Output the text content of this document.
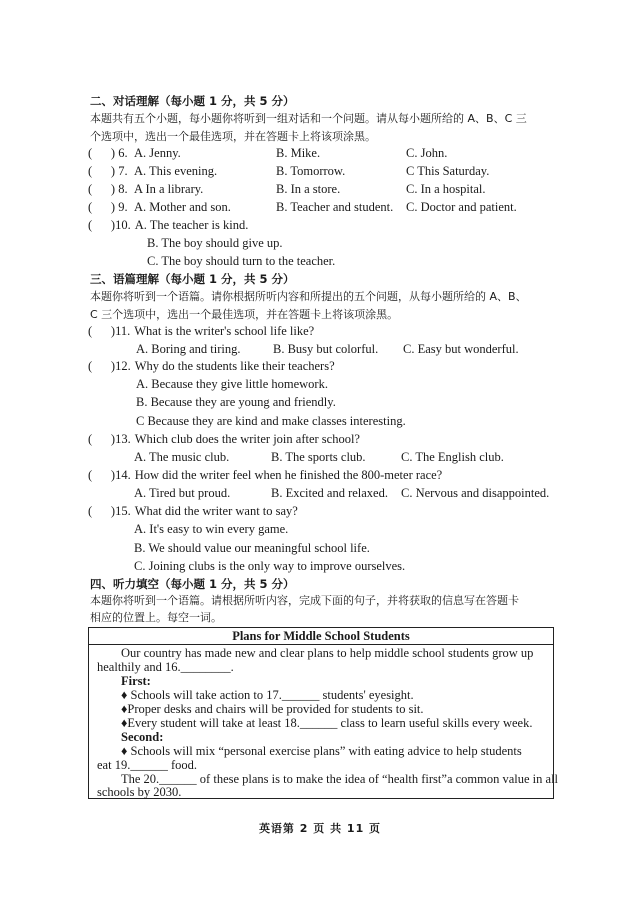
二、对话理解（每小题 1 分，共 5 分）
本题共有五个小题，每小题你将听到一组对话和一个问题。请从每小题所给的 A、B、C 三
个选项中，选出一个最佳选项，并在答题卡上将该项涂黑。
( 　 ) 6. A. Jenny.	B. Mike.	C. John.
( 　 ) 7. A. This evening.	B. Tomorrow.	C This Saturday.
( 　 ) 8. A In a library.	B. In a store.	C. In a hospital.
( 　 ) 9. A. Mother and son.	B. Teacher and student.	C. Doctor and patient.
( 　 )10. A. The teacher is kind.
B. The boy should give up.
C. The boy should turn to the teacher.
三、语篇理解（每小题 1 分，共 5 分）
本题你将听到一个语篇。请你根据所听内容和所提出的五个问题，从每小题所给的 A、B、
C 三个选项中，选出一个最佳选项，并在答题卡上将该项涂黑。
( 　 )11. What is the writer's school life like?
A. Boring and tiring.	B. Busy but colorful.	C. Easy but wonderful.
( 　 )12. Why do the students like their teachers?
A. Because they give little homework.
B. Because they are young and friendly.
C Because they are kind and make classes interesting.
( 　 )13. Which club does the writer join after school?
A. The music club.	B. The sports club.	C. The English club.
( 　 )14. How did the writer feel when he finished the 800-meter race?
A. Tired but proud.	B. Excited and relaxed.	C. Nervous and disappointed.
( 　 )15. What did the writer want to say?
A. It's easy to win every game.
B. We should value our meaningful school life.
C. Joining clubs is the only way to improve ourselves.
四、听力填空（每小题 1 分，共 5 分）
本题你将听到一个语篇。请根据所听内容，完成下面的句子，并将获取的信息写在答题卡
相应的位置上。每空一词。
Plans for Middle School Students
Our country has made new and clear plans to help middle school students grow up
healthily and 16.________.
First:
♦ Schools will take action to 17.______ students' eyesight.
♦Proper desks and chairs will be provided for students to sit.
♦Every student will take at least 18.______ class to learn useful skills every week.
Second:
♦ Schools will mix “personal exercise plans” with eating advice to help students
eat 19.______ food.
The 20.______ of these plans is to make the idea of “health first”a common value in all
schools by 2030.
英语第 2 页 共 11 页
